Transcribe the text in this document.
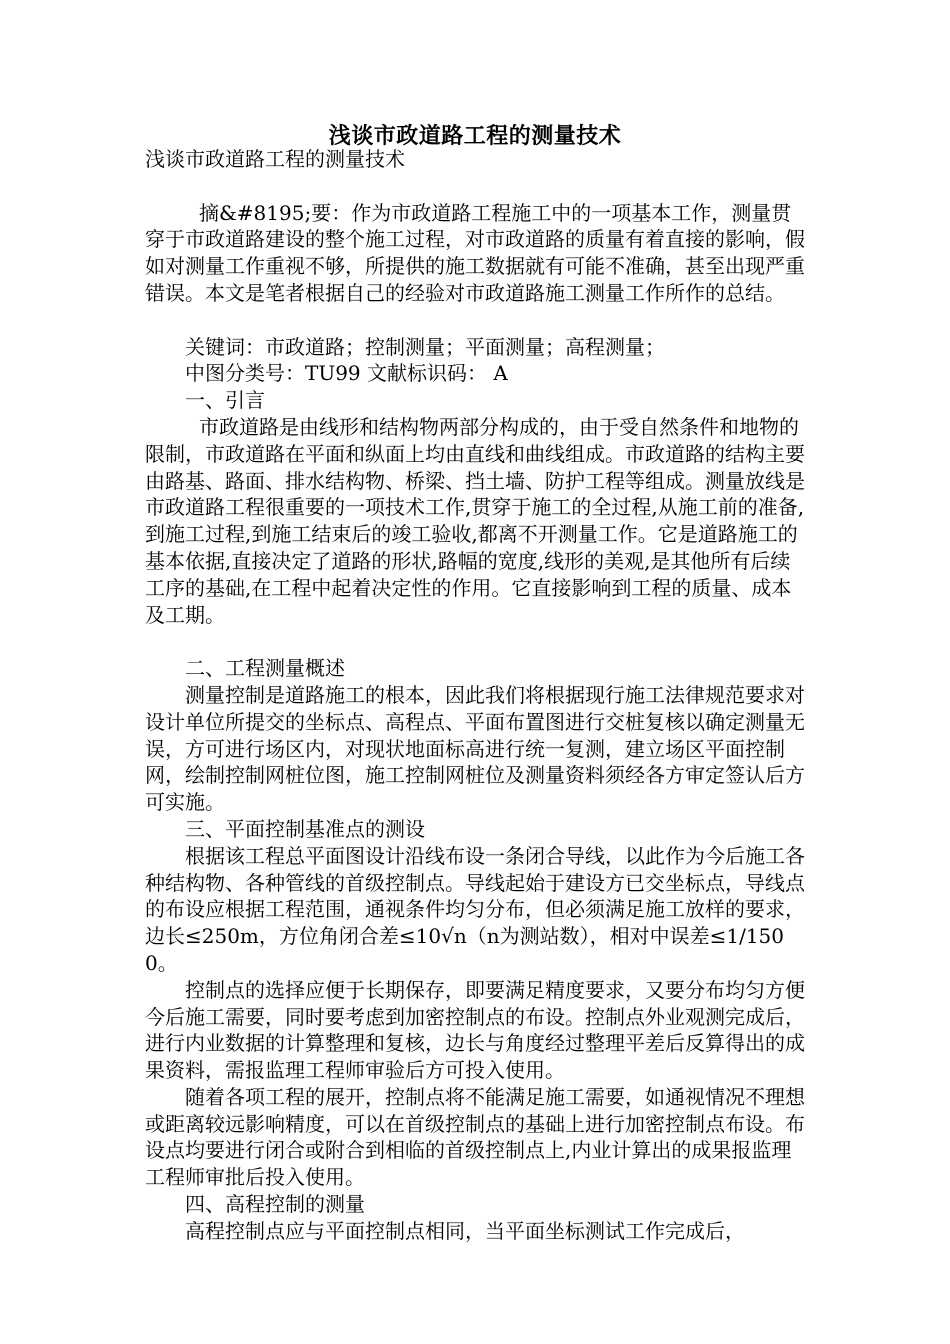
浅谈市政道路工程的测量技术

浅谈市政道路工程的测量技术

摘&#8195;要：作为市政道路工程施工中的一项基本工作，测量贯穿于市政道路建设的整个施工过程，对市政道路的质量有着直接的影响，假如对测量工作重视不够，所提供的施工数据就有可能不准确，甚至出现严重错误。本文是笔者根据自己的经验对市政道路施工测量工作所作的总结。

关键词：市政道路；控制测量；平面测量；高程测量；

中图分类号：TU99 文献标识码： A

一、引言

市政道路是由线形和结构物两部分构成的，由于受自然条件和地物的限制，市政道路在平面和纵面上均由直线和曲线组成。市政道路的结构主要由路基、路面、排水结构物、桥梁、挡土墙、防护工程等组成。测量放线是市政道路工程很重要的一项技术工作,贯穿于施工的全过程,从施工前的准备,到施工过程,到施工结束后的竣工验收,都离不开测量工作。它是道路施工的基本依据,直接决定了道路的形状,路幅的宽度,线形的美观,是其他所有后续工序的基础,在工程中起着决定性的作用。它直接影响到工程的质量、成本及工期。

二、工程测量概述

测量控制是道路施工的根本，因此我们将根据现行施工法律规范要求对设计单位所提交的坐标点、高程点、平面布置图进行交桩复核以确定测量无误，方可进行场区内，对现状地面标高进行统一复测，建立场区平面控制网，绘制控制网桩位图，施工控制网桩位及测量资料须经各方审定签认后方可实施。

三、平面控制基准点的测设

根据该工程总平面图设计沿线布设一条闭合导线，以此作为今后施工各种结构物、各种管线的首级控制点。导线起始于建设方已交坐标点，导线点的布设应根据工程范围，通视条件均匀分布，但必须满足施工放样的要求，边长≤250m，方位角闭合差≤10√n（n为测站数），相对中误差≤1/1500。

控制点的选择应便于长期保存，即要满足精度要求，又要分布均匀方便今后施工需要，同时要考虑到加密控制点的布设。控制点外业观测完成后，进行内业数据的计算整理和复核，边长与角度经过整理平差后反算得出的成果资料，需报监理工程师审验后方可投入使用。

随着各项工程的展开，控制点将不能满足施工需要，如通视情况不理想或距离较远影响精度，可以在首级控制点的基础上进行加密控制点布设。布设点均要进行闭合或附合到相临的首级控制点上,内业计算出的成果报监理工程师审批后投入使用。

四、高程控制的测量

高程控制点应与平面控制点相同，当平面坐标测试工作完成后，
